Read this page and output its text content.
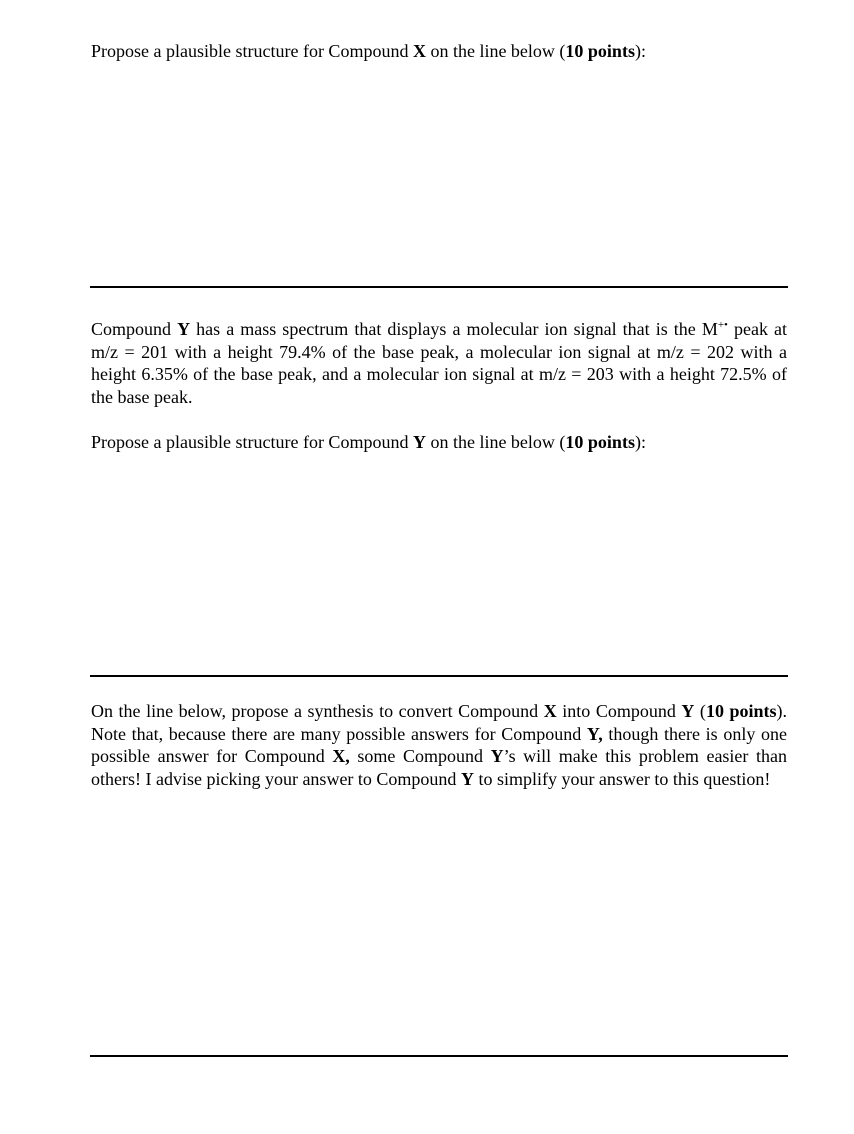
Propose a plausible structure for Compound X on the line below (10 points):

Compound Y has a mass spectrum that displays a molecular ion signal that is the M+• peak at m/z = 201 with a height 79.4% of the base peak, a molecular ion signal at m/z = 202 with a height 6.35% of the base peak, and a molecular ion signal at m/z = 203 with a height 72.5% of the base peak.

Propose a plausible structure for Compound Y on the line below (10 points):

On the line below, propose a synthesis to convert Compound X into Compound Y (10 points). Note that, because there are many possible answers for Compound Y, though there is only one possible answer for Compound X, some Compound Y’s will make this problem easier than others! I advise picking your answer to Compound Y to simplify your answer to this question!
